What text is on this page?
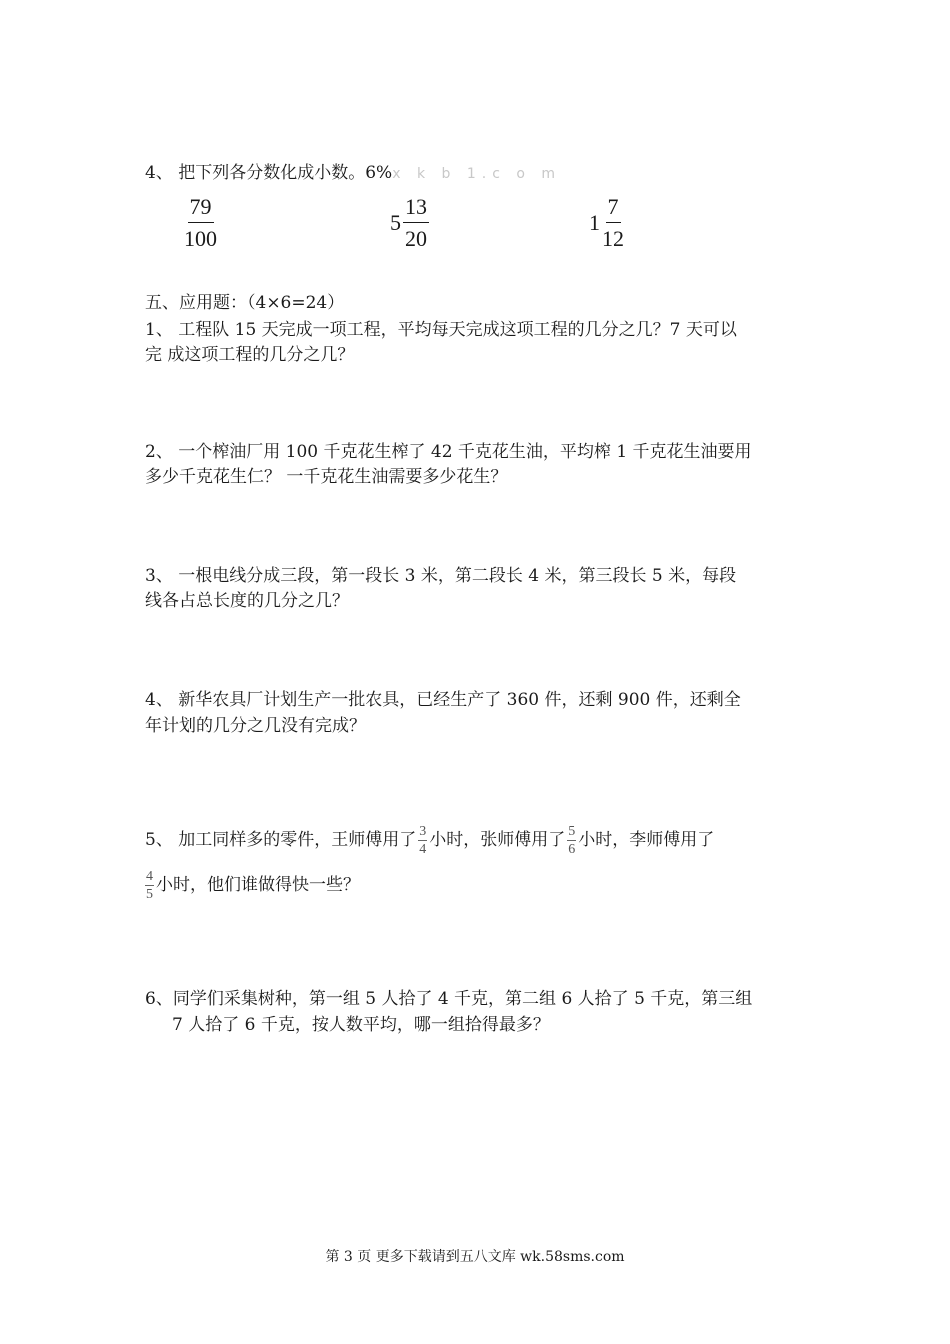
4、 把下列各分数化成小数。6%x k b 1.c o m
$\frac{79}{100}$	$5 \frac{13}{20}$	$1 \frac{7}{12}$
五、应用题：（4×6=24）
1、 工程队 15 天完成一项工程，平均每天完成这项工程的几分之几？7 天可以
完 成这项工程的几分之几？
2、 一个榨油厂用 100 千克花生榨了 42 千克花生油，平均榨 1 千克花生油要用
多少千克花生仁？ 一千克花生油需要多少花生？
3、 一根电线分成三段，第一段长 3 米，第二段长 4 米，第三段长 5 米，每段
线各占总长度的几分之几？
4、 新华农具厂计划生产一批农具，已经生产了 360 件，还剩 900 件，还剩全
年计划的几分之几没有完成？
5、 加工同样多的零件，王师傅用了 $\frac{3}{4}$ 小时，张师傅用了 $\frac{5}{6}$ 小时，李师傅用了
$\frac{4}{5}$ 小时，他们谁做得快一些？
6、同学们采集树种，第一组 5 人拾了 4 千克，第二组 6 人拾了 5 千克，第三组
7 人拾了 6 千克，按人数平均，哪一组拾得最多？
第 3 页 更多下载请到五八文库 wk.58sms.com
